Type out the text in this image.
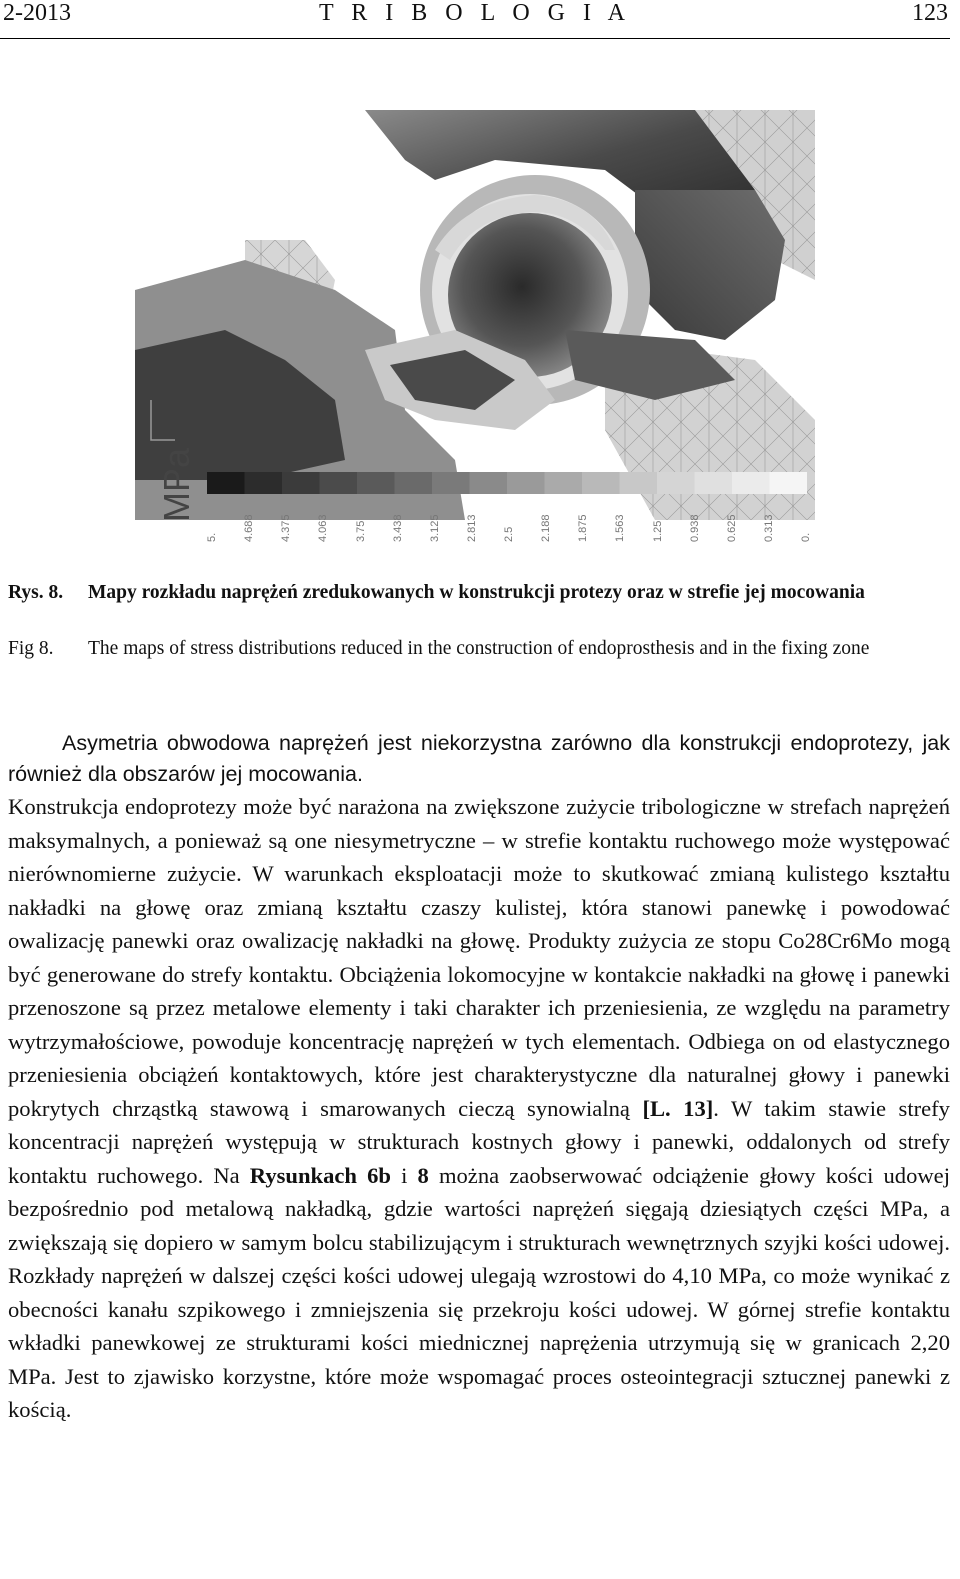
2-2013	T R I B O L O G I A	123
MPa
5. 4.688 4.375 4.063 3.75 3.438 3.125 2.813 2.5 2.188 1.875 1.563 1.25 0.938 0.625 0.313 0.
Rys. 8. Mapy rozkładu naprężeń zredukowanych w konstrukcji protezy oraz w strefie jej mocowania
Fig 8. The maps of stress distributions reduced in the construction of endoprosthesis and in the fixing zone
Asymetria obwodowa naprężeń jest niekorzystna zarówno dla konstrukcji endoprotezy, jak również dla obszarów jej mocowania.
Konstrukcja endoprotezy może być narażona na zwiększone zużycie tribologiczne w strefach naprężeń maksymalnych, a ponieważ są one niesymetryczne – w strefie kontaktu ruchowego może występować nierównomierne zużycie. W warunkach eksploatacji może to skutkować zmianą kulistego kształtu nakładki na głowę oraz zmianą kształtu czaszy kulistej, która stanowi panewkę i powodować owalizację panewki oraz owalizację nakładki na głowę. Produkty zużycia ze stopu Co28Cr6Mo mogą być generowane do strefy kontaktu. Obciążenia lokomocyjne w kontakcie nakładki na głowę i panewki przenoszone są przez metalowe elementy i taki charakter ich przeniesienia, ze względu na parametry wytrzymałościowe, powoduje koncentrację naprężeń w tych elementach. Odbiega on od elastycznego przeniesienia obciążeń kontaktowych, które jest charakterystyczne dla naturalnej głowy i panewki pokrytych chrząstką stawową i smarowanych cieczą synowialną [L. 13]. W takim stawie strefy koncentracji naprężeń występują w strukturach kostnych głowy i panewki, oddalonych od strefy kontaktu ruchowego. Na Rysunkach 6b i 8 można zaobserwować odciążenie głowy kości udowej bezpośrednio pod metalową nakładką, gdzie wartości naprężeń sięgają dziesiątych części MPa, a zwiększają się dopiero w samym bolcu stabilizującym i strukturach wewnętrznych szyjki kości udowej. Rozkłady naprężeń w dalszej części kości udowej ulegają wzrostowi do 4,10 MPa, co może wynikać z obecności kanału szpikowego i zmniejszenia się przekroju kości udowej. W górnej strefie kontaktu wkładki panewkowej ze strukturami kości miednicznej naprężenia utrzymują się w granicach 2,20 MPa. Jest to zjawisko korzystne, które może wspomagać proces osteointegracji sztucznej panewki z kością.
